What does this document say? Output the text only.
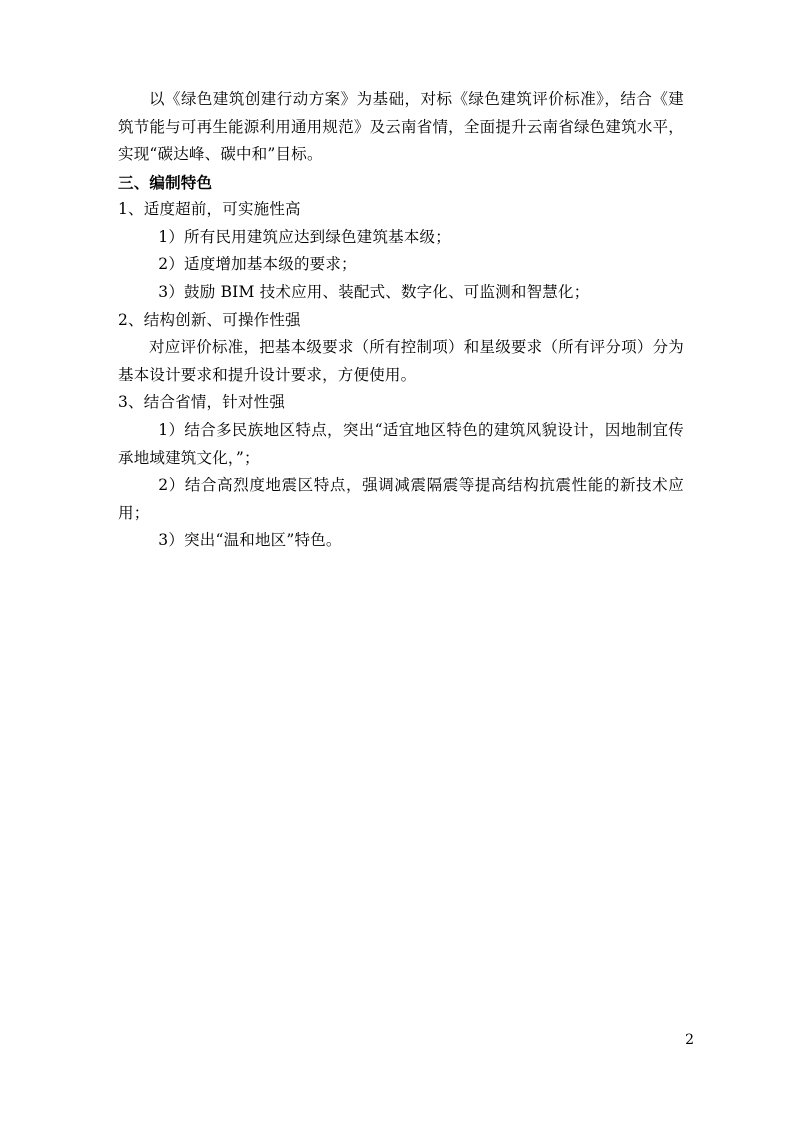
以《绿色建筑创建行动方案》为基础，对标《绿色建筑评价标准》，结合《建筑节能与可再生能源利用通用规范》及云南省情，全面提升云南省绿色建筑水平，实现“碳达峰、碳中和”目标。

三、编制特色

1、适度超前，可实施性高

1）所有民用建筑应达到绿色建筑基本级；

2）适度增加基本级的要求；

3）鼓励 BIM 技术应用、装配式、数字化、可监测和智慧化；

2、结构创新、可操作性强

对应评价标准，把基本级要求（所有控制项）和星级要求（所有评分项）分为基本设计要求和提升设计要求，方便使用。

3、结合省情，针对性强

1）结合多民族地区特点，突出“适宜地区特色的建筑风貌设计，因地制宜传承地域建筑文化，”；

2）结合高烈度地震区特点，强调减震隔震等提高结构抗震性能的新技术应用；

3）突出“温和地区”特色。

2
